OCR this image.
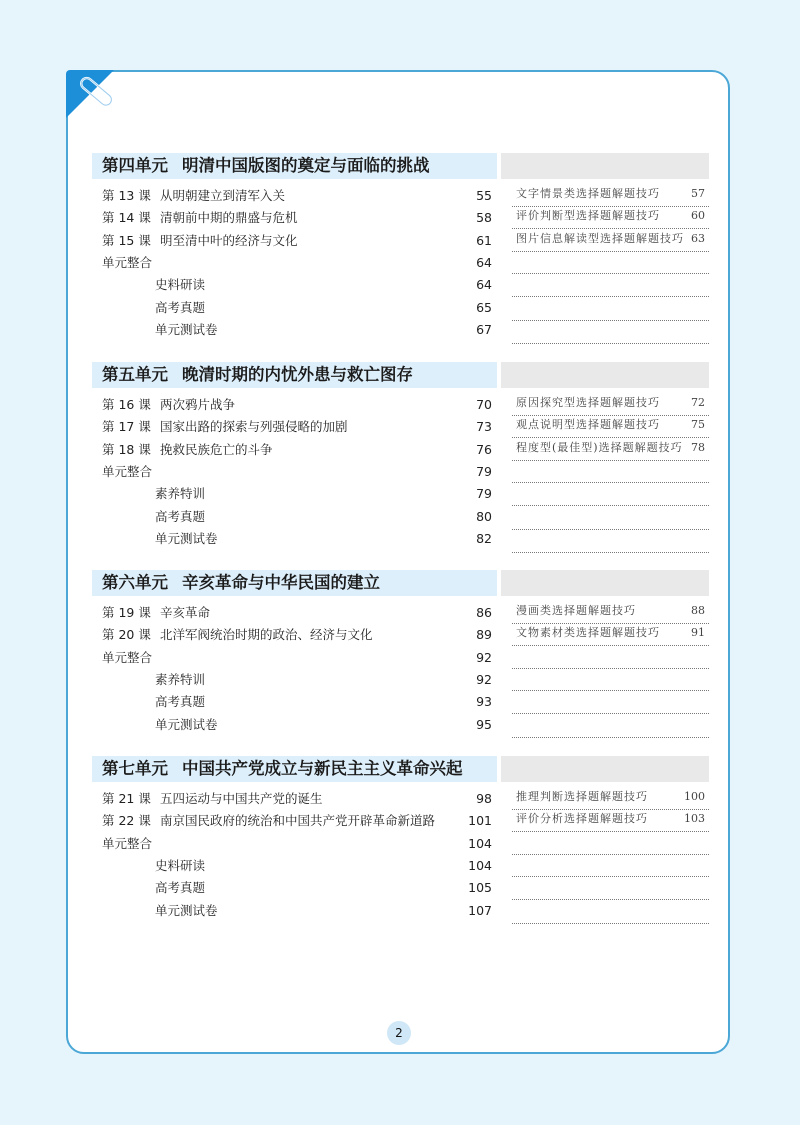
第四单元 明清中国版图的奠定与面临的挑战
第 13 课 从明朝建立到清军入关	55
第 14 课 清朝前中期的鼎盛与危机	58
第 15 课 明至清中叶的经济与文化	61
单元整合	64
史料研读	64
高考真题	65
单元测试卷	67
文字情景类选择题解题技巧	57
评价判断型选择题解题技巧	60
图片信息解读型选择题解题技巧 63
第五单元 晚清时期的内忧外患与救亡图存
第 16 课 两次鸦片战争	70
第 17 课 国家出路的探索与列强侵略的加剧	73
第 18 课 挽救民族危亡的斗争	76
单元整合	79
素养特训	79
高考真题	80
单元测试卷	82
原因探究型选择题解题技巧	72
观点说明型选择题解题技巧	75
程度型(最佳型)选择题解题技巧 78
第六单元 辛亥革命与中华民国的建立
第 19 课 辛亥革命	86
第 20 课 北洋军阀统治时期的政治、经济与文化	89
单元整合	92
素养特训	92
高考真题	93
单元测试卷	95
漫画类选择题解题技巧	88
文物素材类选择题解题技巧	91
第七单元 中国共产党成立与新民主主义革命兴起
第 21 课 五四运动与中国共产党的诞生	98
第 22 课 南京国民政府的统治和中国共产党开辟革命新道路	101
单元整合	104
史料研读	104
高考真题	105
单元测试卷	107
推理判断选择题解题技巧	100
评价分析选择题解题技巧	103
2
